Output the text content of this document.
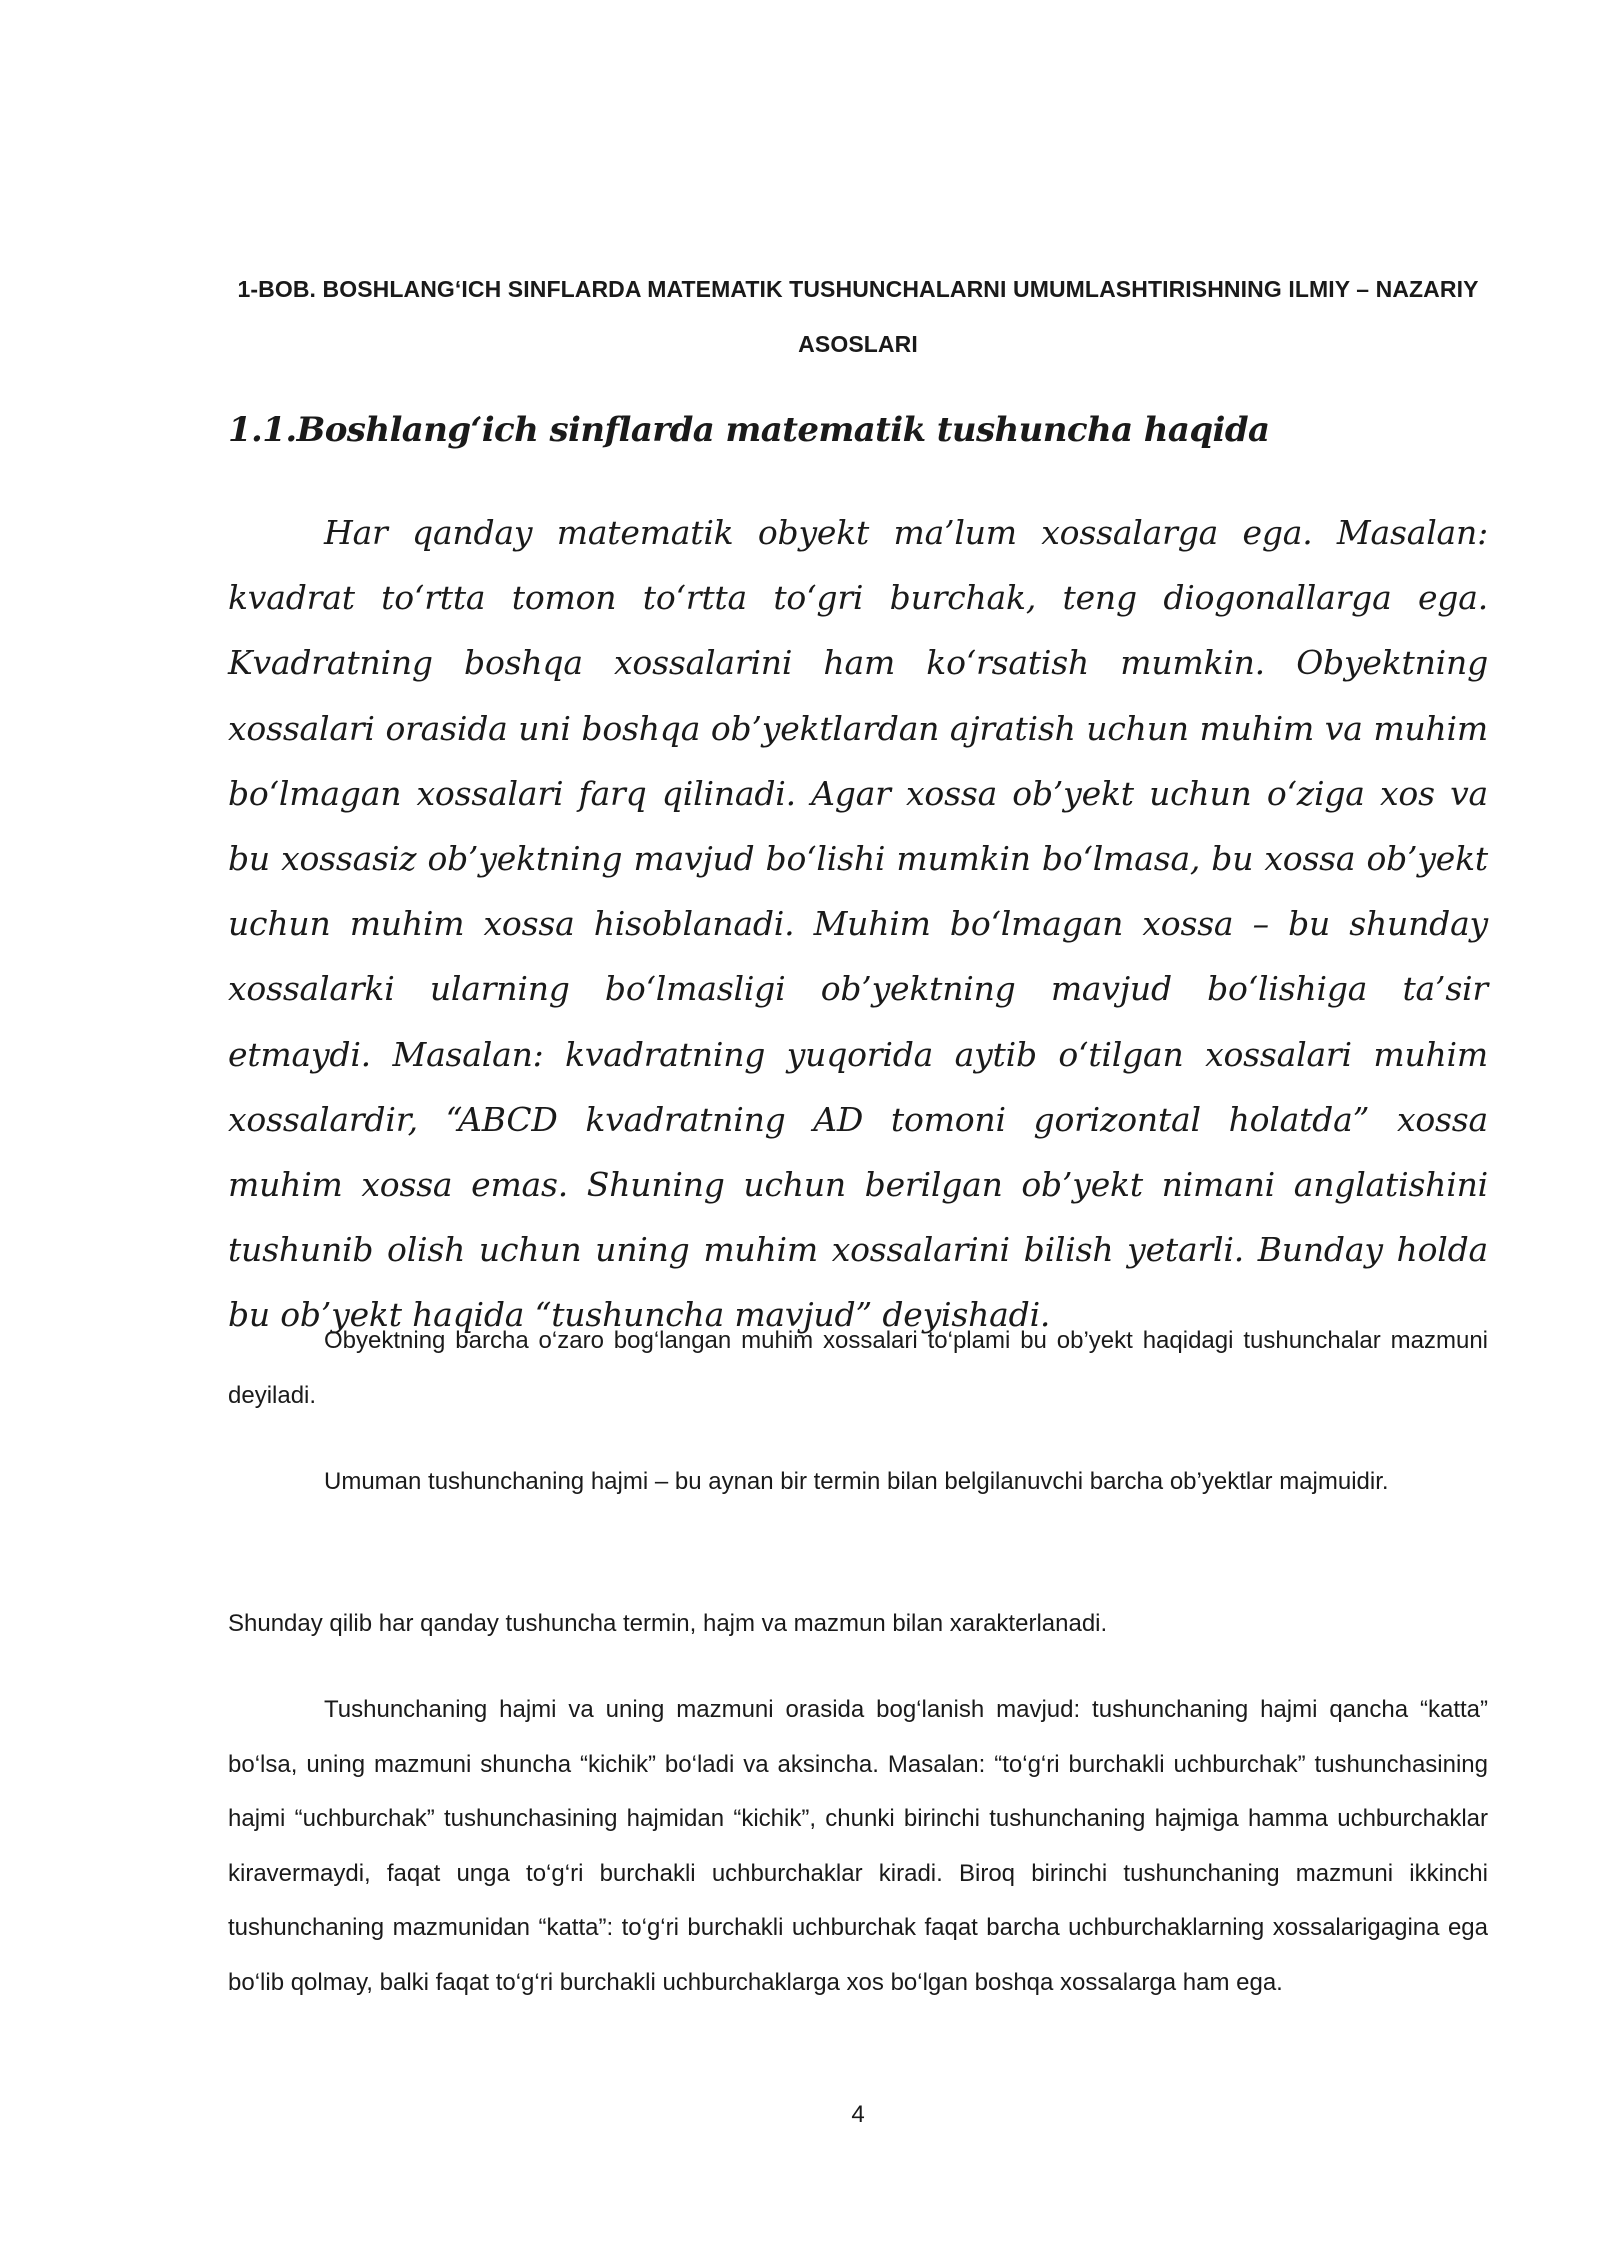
1-BOB. BOSHLANG‘ICH SINFLARDA MATEMATIK TUSHUNCHALARNI UMUMLASHTIRISHNING ILMIY – NAZARIY ASOSLARI
1.1.Boshlang‘ich sinflarda matematik tushuncha haqida

Har qanday matematik obyekt ma’lum xossalarga ega. Masalan: kvadrat to‘rtta tomon to‘rtta to‘gri burchak, teng diogonallarga ega. Kvadratning boshqa xossalarini ham ko‘rsatish mumkin. Obyektning xossalari orasida uni boshqa ob’yektlardan ajratish uchun muhim va muhim bo‘lmagan xossalari farq qilinadi. Agar xossa ob’yekt uchun o‘ziga xos va bu xossasiz ob’yektning mavjud bo‘lishi mumkin bo‘lmasa, bu xossa ob’yekt uchun muhim xossa hisoblanadi. Muhim bo‘lmagan xossa – bu shunday xossalarki ularning bo‘lmasligi ob’yektning mavjud bo‘lishiga ta’sir etmaydi. Masalan: kvadratning yuqorida aytib o‘tilgan xossalari muhim xossalardir, “ABCD kvadratning AD tomoni gorizontal holatda” xossa muhim xossa emas. Shuning uchun berilgan ob’yekt nimani anglatishini tushunib olish uchun uning muhim xossalarini bilish yetarli. Bunday holda bu ob’yekt haqida “tushuncha mavjud” deyishadi.

Obyektning barcha o‘zaro bog‘langan muhim xossalari to‘plami bu ob’yekt haqidagi tushunchalar mazmuni deyiladi.

Umuman tushunchaning hajmi – bu aynan bir termin bilan belgilanuvchi barcha ob’yektlar majmuidir.

Shunday qilib har qanday tushuncha termin, hajm va mazmun bilan xarakterlanadi.

Tushunchaning hajmi va uning mazmuni orasida bog‘lanish mavjud: tushunchaning hajmi qancha “katta” bo‘lsa, uning mazmuni shuncha “kichik” bo‘ladi va aksincha. Masalan: “to‘g‘ri burchakli uchburchak” tushunchasining hajmi “uchburchak” tushunchasining hajmidan “kichik”, chunki birinchi tushunchaning hajmiga hamma uchburchaklar kiravermaydi, faqat unga to‘g‘ri burchakli uchburchaklar kiradi. Biroq birinchi tushunchaning mazmuni ikkinchi tushunchaning mazmunidan “katta”: to‘g‘ri burchakli uchburchak faqat barcha uchburchaklarning xossalarigagina ega bo‘lib qolmay, balki faqat to‘g‘ri burchakli uchburchaklarga xos bo‘lgan boshqa xossalarga ham ega.

4
